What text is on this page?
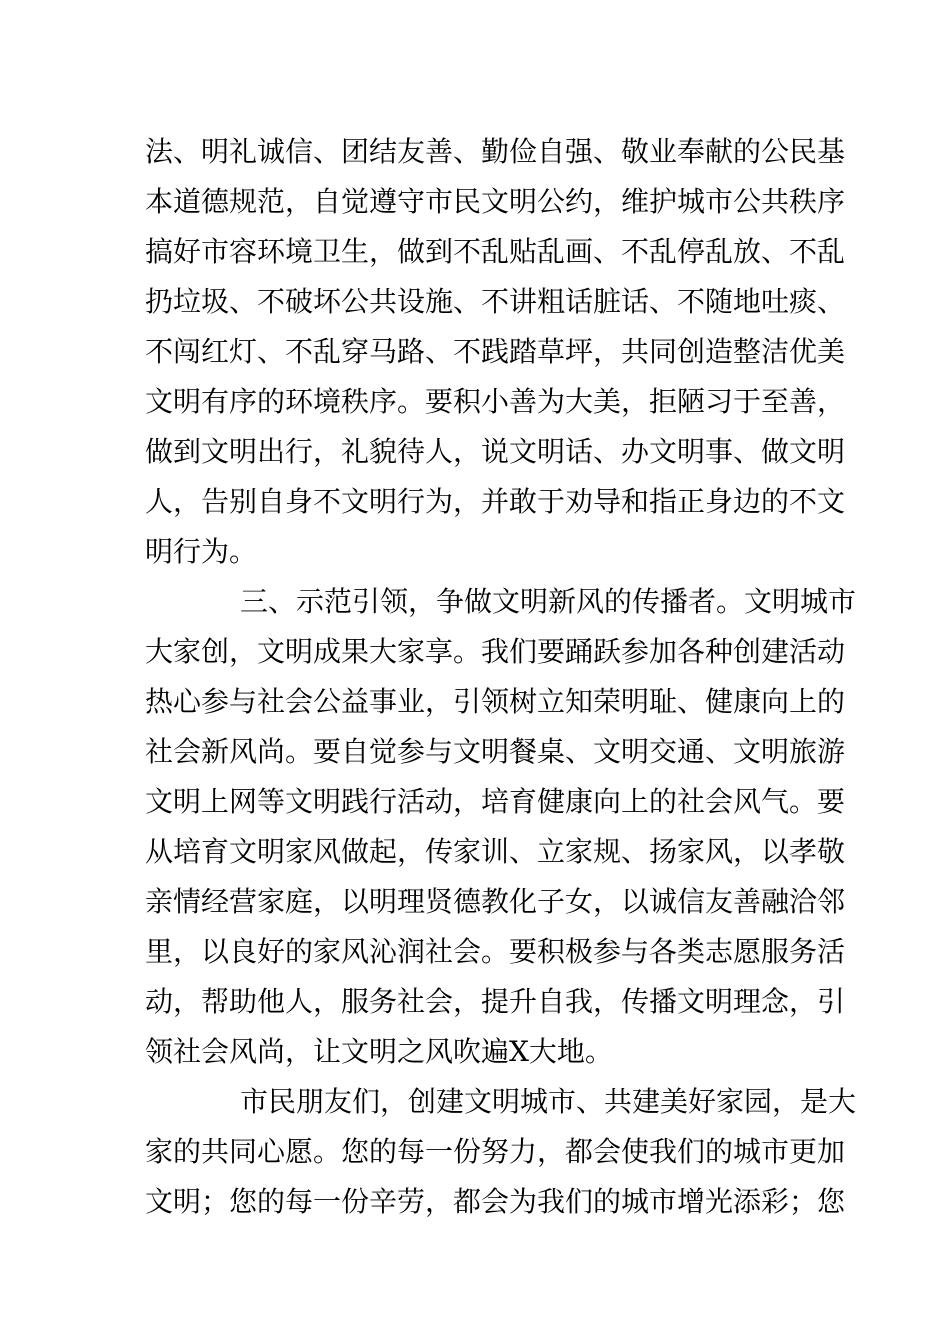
法、明礼诚信、团结友善、勤俭自强、敬业奉献的公民基
本道德规范，自觉遵守市民文明公约，维护城市公共秩序
搞好市容环境卫生，做到不乱贴乱画、不乱停乱放、不乱
扔垃圾、不破坏公共设施、不讲粗话脏话、不随地吐痰、
不闯红灯、不乱穿马路、不践踏草坪，共同创造整洁优美
文明有序的环境秩序。要积小善为大美，拒陋习于至善，
做到文明出行，礼貌待人，说文明话、办文明事、做文明
人，告别自身不文明行为，并敢于劝导和指正身边的不文
明行为。
三、示范引领，争做文明新风的传播者。文明城市
大家创，文明成果大家享。我们要踊跃参加各种创建活动
热心参与社会公益事业，引领树立知荣明耻、健康向上的
社会新风尚。要自觉参与文明餐桌、文明交通、文明旅游
文明上网等文明践行活动，培育健康向上的社会风气。要
从培育文明家风做起，传家训、立家规、扬家风，以孝敬
亲情经营家庭，以明理贤德教化子女，以诚信友善融洽邻
里，以良好的家风沁润社会。要积极参与各类志愿服务活
动，帮助他人，服务社会，提升自我，传播文明理念，引
领社会风尚，让文明之风吹遍X大地。
市民朋友们，创建文明城市、共建美好家园，是大
家的共同心愿。您的每一份努力，都会使我们的城市更加
文明；您的每一份辛劳，都会为我们的城市增光添彩；您
